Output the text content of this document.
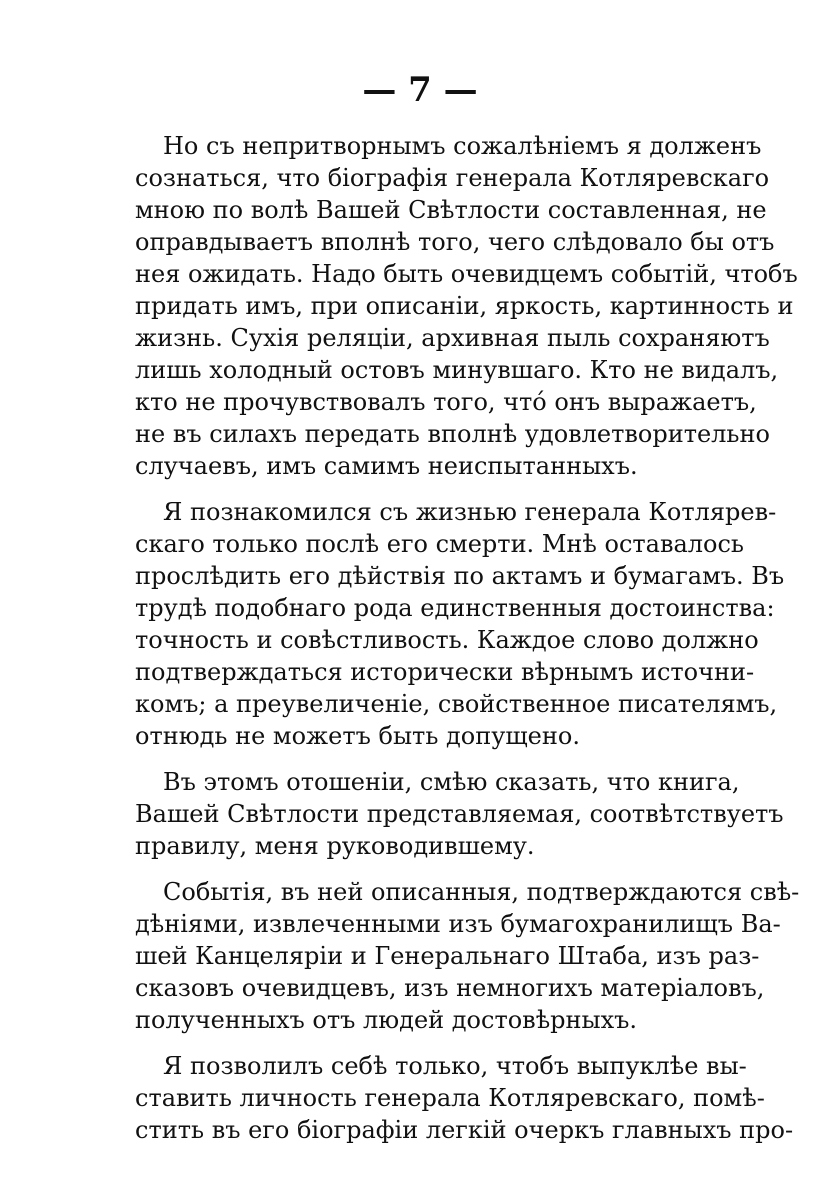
— 7 —
Но съ непритворнымъ сожалѣніемъ я долженъ
сознаться, что біографія генерала Котляревскаго
мною по волѣ Вашей Свѣтлости составленная, не
оправдываетъ вполнѣ того, чего слѣдовало бы отъ
нея ожидать. Надо быть очевидцемъ событій, чтобъ
придать имъ, при описаніи, яркость, картинность и
жизнь. Сухія реляціи, архивная пыль сохраняютъ
лишь холодный остовъ минувшаго. Кто не видалъ,
кто не прочувствовалъ того, что́ онъ выражаетъ,
не въ силахъ передать вполнѣ удовлетворительно
случаевъ, имъ самимъ неиспытанныхъ.
Я познакомился съ жизнью генерала Котлярев-
скаго только послѣ его смерти. Мнѣ оставалось
прослѣдить его дѣйствія по актамъ и бумагамъ. Въ
трудѣ подобнаго рода единственныя достоинства:
точность и совѣстливость. Каждое слово должно
подтверждаться исторически вѣрнымъ источни-
комъ; а преувеличеніе, свойственное писателямъ,
отнюдь не можетъ быть допущено.
Въ этомъ отошеніи, смѣю сказать, что книга,
Вашей Свѣтлости представляемая, соотвѣтствуетъ
правилу, меня руководившему.
Событія, въ ней описанныя, подтверждаются свѣ-
дѣніями, извлеченными изъ бумагохранилищъ Ва-
шей Канцеляріи и Генеральнаго Штаба, изъ раз-
сказовъ очевидцевъ, изъ немногихъ матеріаловъ,
полученныхъ отъ людей достовѣрныхъ.
Я позволилъ себѣ только, чтобъ выпуклѣе вы-
ставить личность генерала Котляревскаго, помѣ-
стить въ его біографіи легкій очеркъ главныхъ про-
